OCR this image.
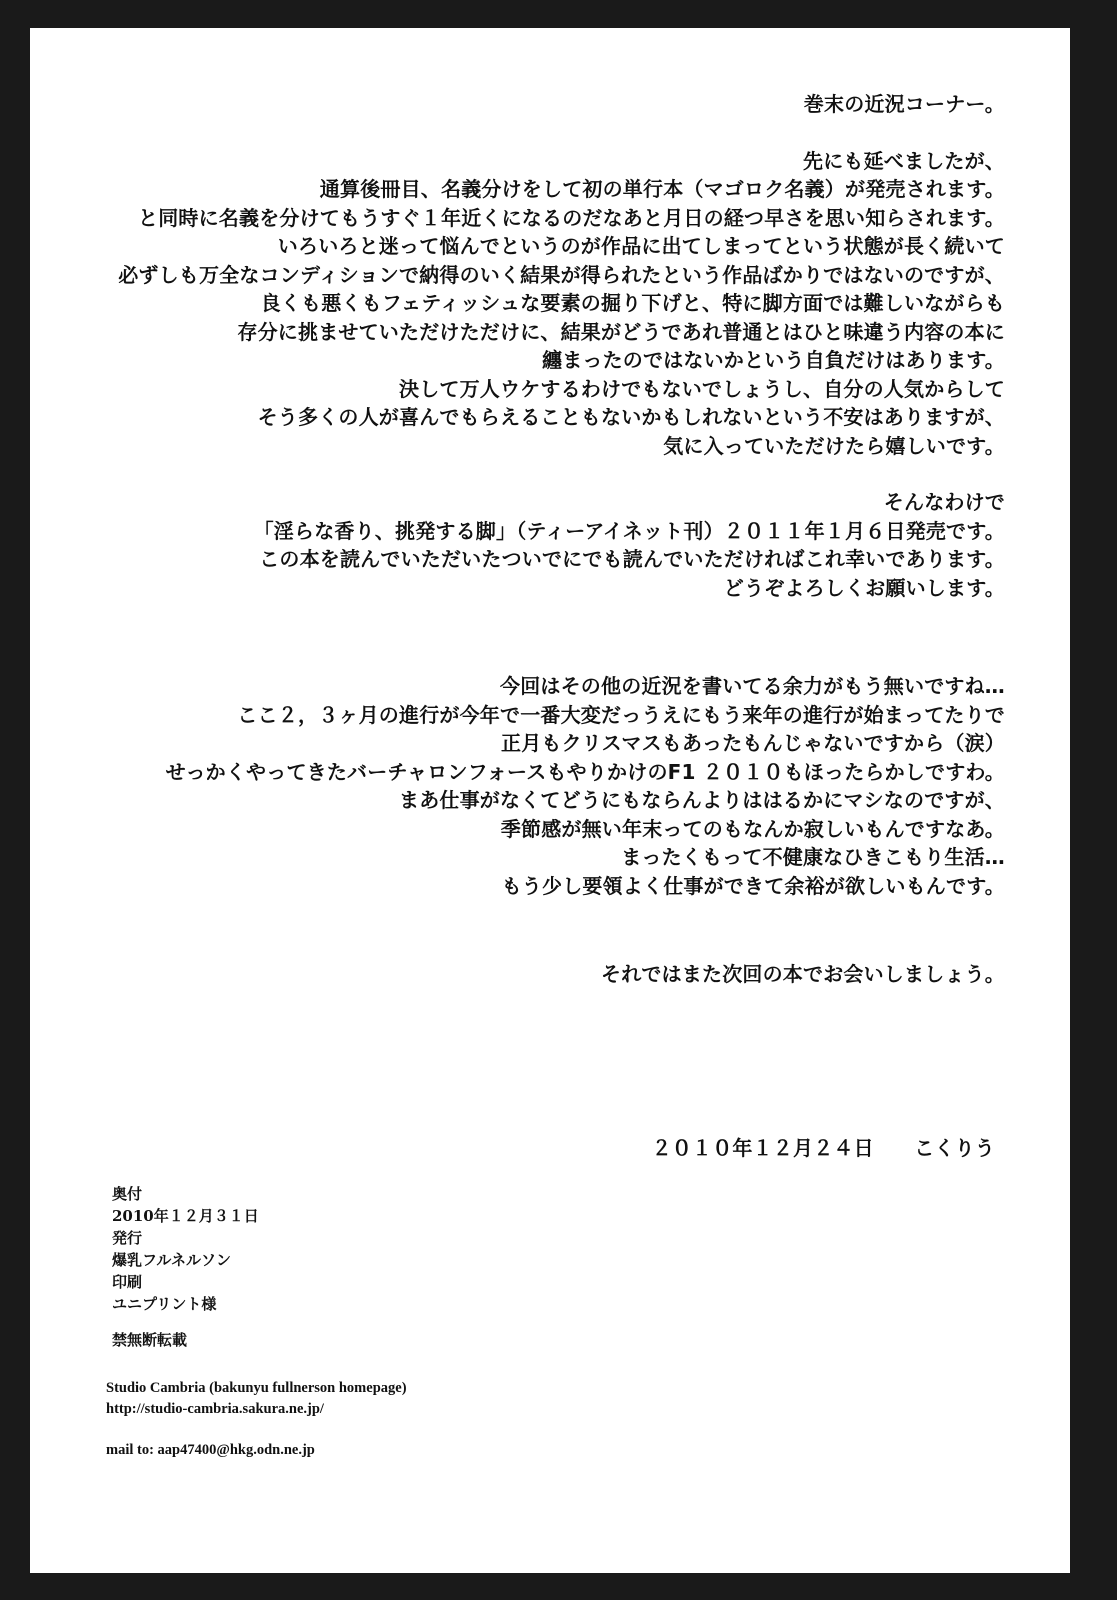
巻末の近況コーナー。
先にも延べましたが、
通算後冊目、名義分けをして初の単行本（マゴロク名義）が発売されます。
と同時に名義を分けてもうすぐ１年近くになるのだなあと月日の経つ早さを思い知らされます。
いろいろと迷って悩んでというのが作品に出てしまってという状態が長く続いて
必ずしも万全なコンディションで納得のいく結果が得られたという作品ばかりではないのですが、
良くも悪くもフェティッシュな要素の掘り下げと、特に脚方面では難しいながらも
存分に挑ませていただけただけに、結果がどうであれ普通とはひと味違う内容の本に
纏まったのではないかという自負だけはあります。
決して万人ウケするわけでもないでしょうし、自分の人気からして
そう多くの人が喜んでもらえることもないかもしれないという不安はありますが、
気に入っていただけたら嬉しいです。
そんなわけで
「淫らな香り、挑発する脚」（ティーアイネット刊）２０１１年１月６日発売です。
この本を読んでいただいたついでにでも読んでいただければこれ幸いであります。
どうぞよろしくお願いします。
今回はその他の近況を書いてる余力がもう無いですね…
ここ２，３ヶ月の進行が今年で一番大変だっうえにもう来年の進行が始まってたりで
正月もクリスマスもあったもんじゃないですから（涙）
せっかくやってきたバーチャロンフォースもやりかけのF1 ２０１０もほったらかしですわ。
まあ仕事がなくてどうにもならんよりははるかにマシなのですが、
季節感が無い年末ってのもなんか寂しいもんですなあ。
まったくもって不健康なひきこもり生活…
もう少し要領よく仕事ができて余裕が欲しいもんです。
それではまた次回の本でお会いしましょう。
２０１０年１２月２４日　　こくりう
奥付
2010年１２月３１日
発行
爆乳フルネルソン
印刷
ユニプリント様
禁無断転載
Studio Cambria (bakunyu fullnerson homepage)
http://studio-cambria.sakura.ne.jp/
mail to: aap47400@hkg.odn.ne.jp
